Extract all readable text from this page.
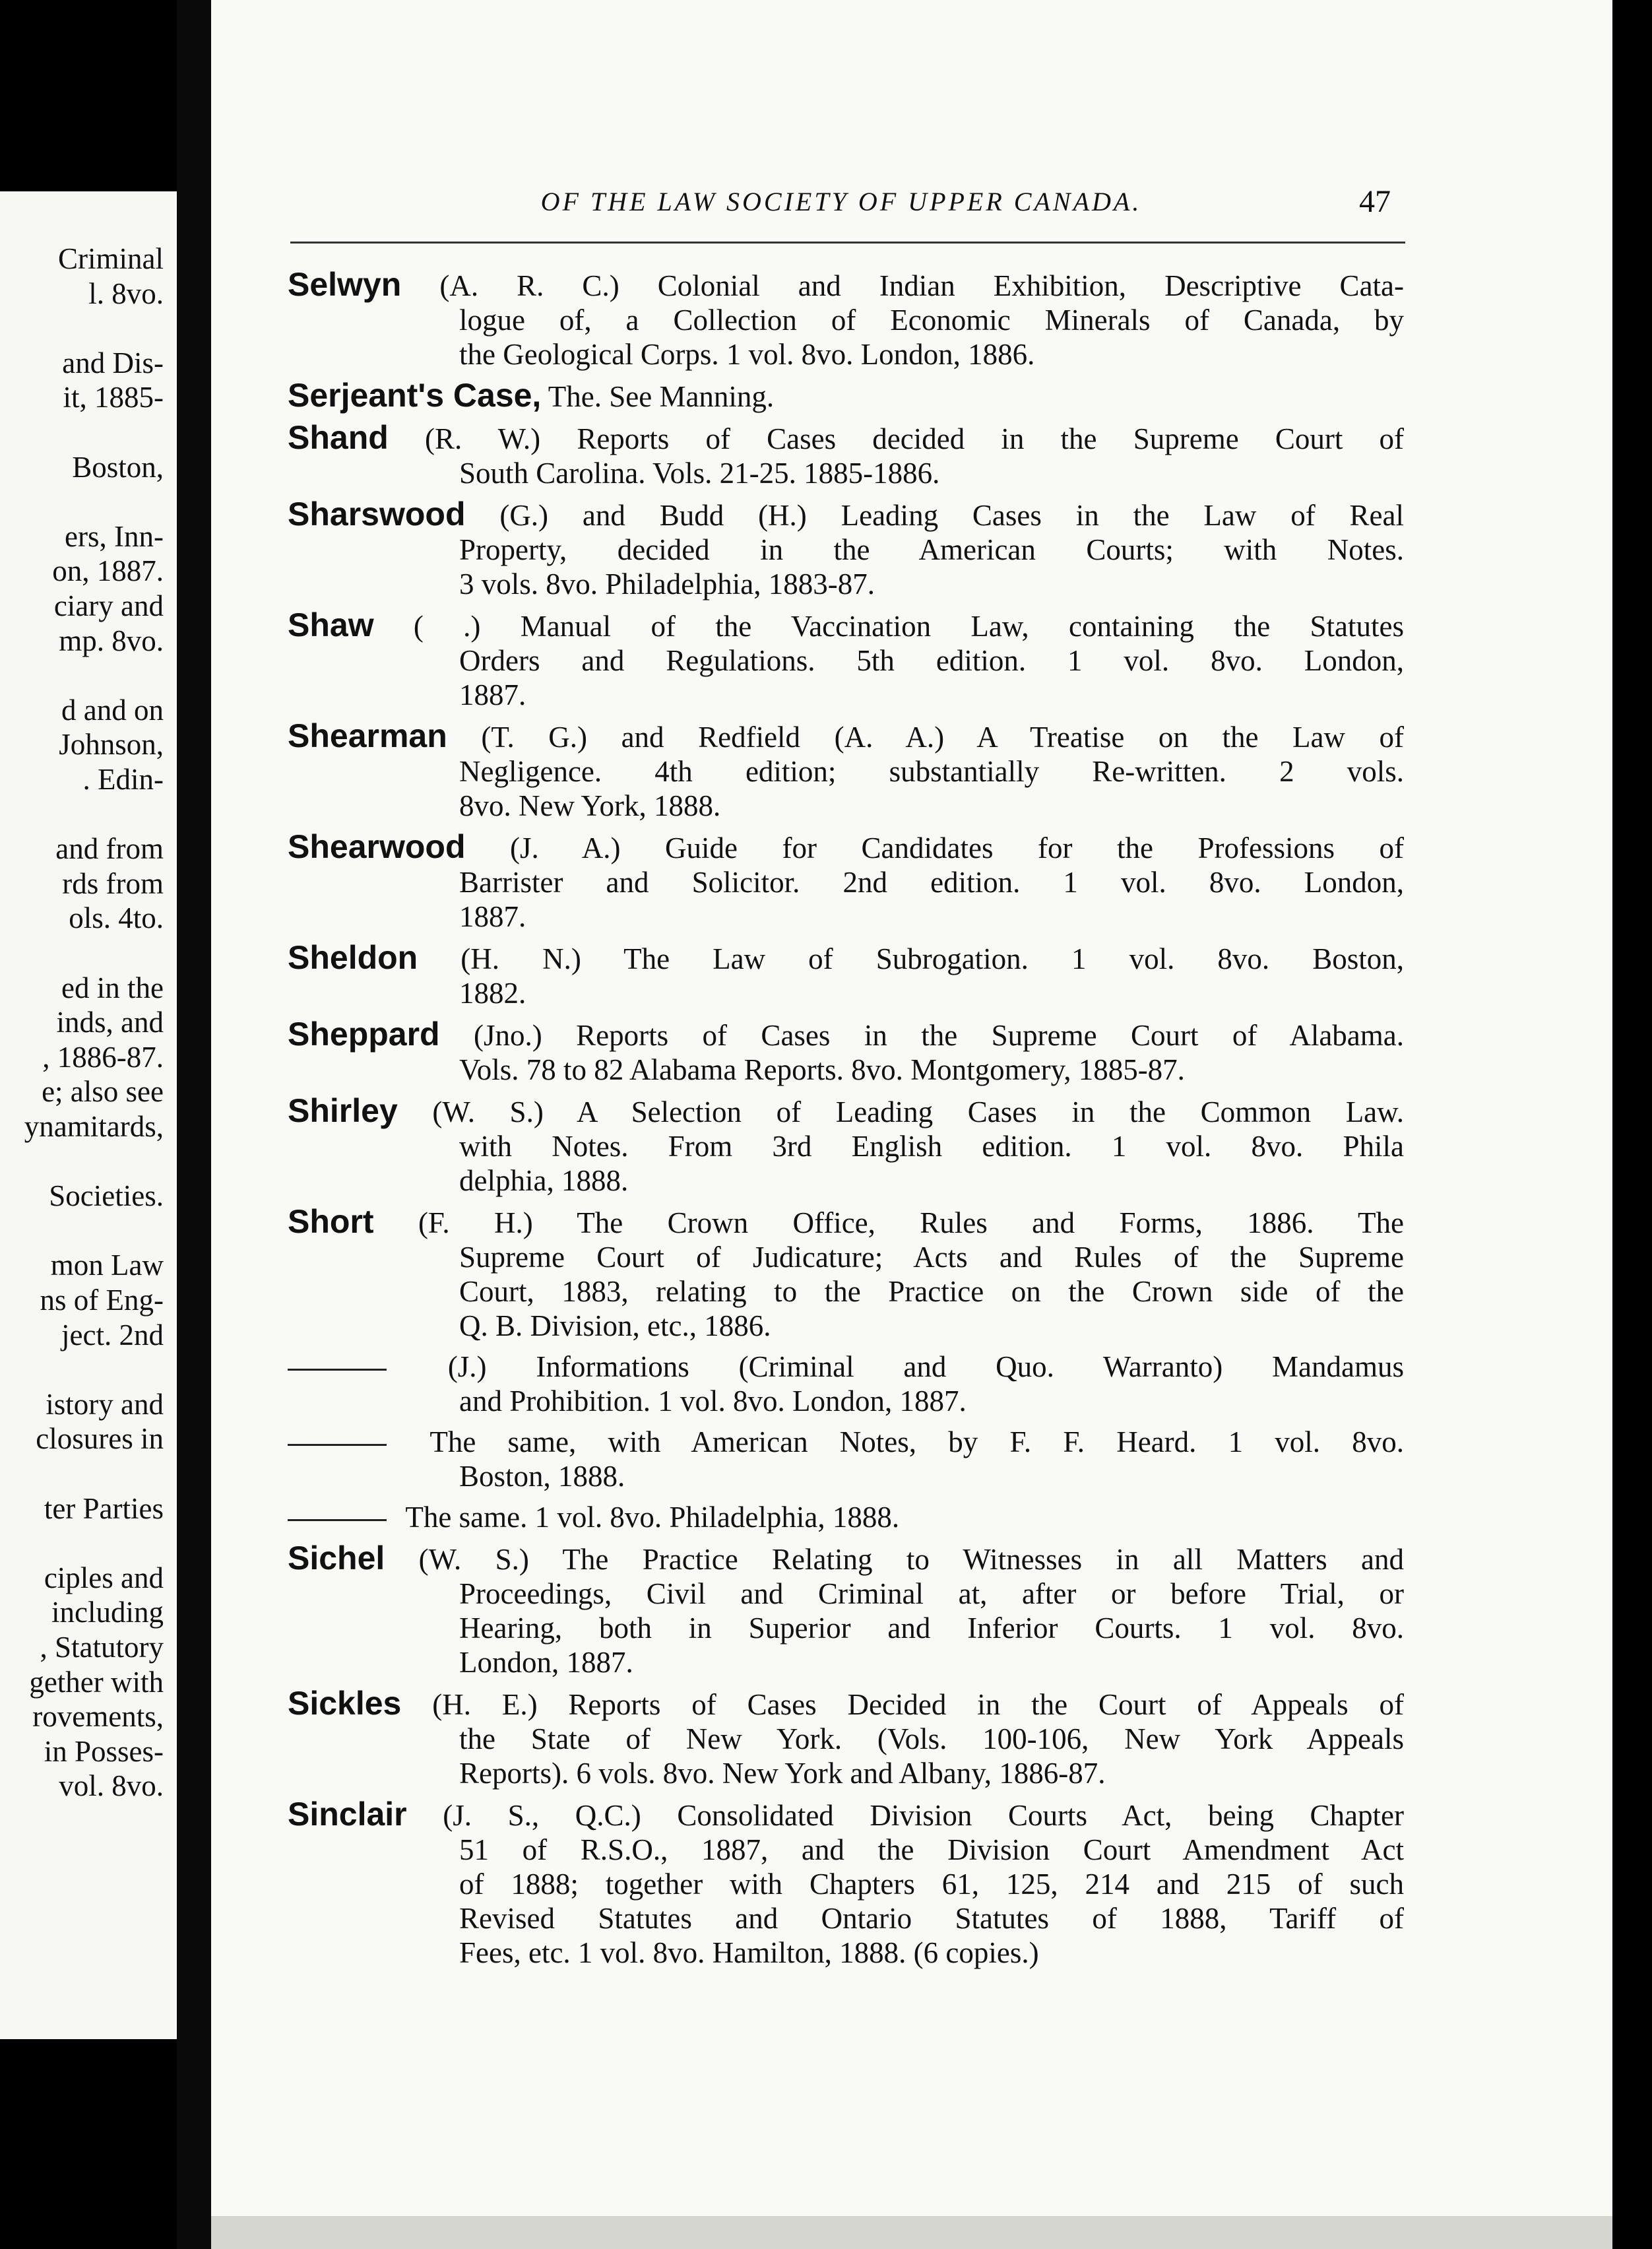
Criminal
l. 8vo.
and Dis-
it, 1885-
Boston,
ers, Inn-
on, 1887.
ciary and
mp. 8vo.
d and on
Johnson,
. Edin-
and from
rds from
ols. 4to.
ed in the
inds, and
, 1886-87.
e; also see
ynamitards,
Societies.
mon Law
ns of Eng-
ject. 2nd
istory and
closures in
ter Parties
ciples and
including
, Statutory
gether with
rovements,
in Posses-
vol. 8vo.
OF THE LAW SOCIETY OF UPPER CANADA.	47
Selwyn (A. R. C.) Colonial and Indian Exhibition, Descriptive Cata-
logue of, a Collection of Economic Minerals of Canada, by
the Geological Corps. 1 vol. 8vo. London, 1886.
Serjeant's Case, The. See Manning.
Shand (R. W.) Reports of Cases decided in the Supreme Court of
South Carolina. Vols. 21-25. 1885-1886.
Sharswood (G.) and Budd (H.) Leading Cases in the Law of Real
Property, decided in the American Courts; with Notes.
3 vols. 8vo. Philadelphia, 1883-87.
Shaw ( .) Manual of the Vaccination Law, containing the Statutes
Orders and Regulations. 5th edition. 1 vol. 8vo. London,
1887.
Shearman (T. G.) and Redfield (A. A.) A Treatise on the Law of
Negligence. 4th edition; substantially Re-written. 2 vols.
8vo. New York, 1888.
Shearwood (J. A.) Guide for Candidates for the Professions of
Barrister and Solicitor. 2nd edition. 1 vol. 8vo. London,
1887.
Sheldon (H. N.) The Law of Subrogation. 1 vol. 8vo. Boston,
1882.
Sheppard (Jno.) Reports of Cases in the Supreme Court of Alabama.
Vols. 78 to 82 Alabama Reports. 8vo. Montgomery, 1885-87.
Shirley (W. S.) A Selection of Leading Cases in the Common Law.
with Notes. From 3rd English edition. 1 vol. 8vo. Phila
delphia, 1888.
Short (F. H.) The Crown Office, Rules and Forms, 1886. The
Supreme Court of Judicature; Acts and Rules of the Supreme
Court, 1883, relating to the Practice on the Crown side of the
Q. B. Division, etc., 1886.
(J.) Informations (Criminal and Quo. Warranto) Mandamus
and Prohibition. 1 vol. 8vo. London, 1887.
The same, with American Notes, by F. F. Heard. 1 vol. 8vo.
Boston, 1888.
The same. 1 vol. 8vo. Philadelphia, 1888.
Sichel (W. S.) The Practice Relating to Witnesses in all Matters and
Proceedings, Civil and Criminal at, after or before Trial, or
Hearing, both in Superior and Inferior Courts. 1 vol. 8vo.
London, 1887.
Sickles (H. E.) Reports of Cases Decided in the Court of Appeals of
the State of New York. (Vols. 100-106, New York Appeals
Reports). 6 vols. 8vo. New York and Albany, 1886-87.
Sinclair (J. S., Q.C.) Consolidated Division Courts Act, being Chapter
51 of R.S.O., 1887, and the Division Court Amendment Act
of 1888; together with Chapters 61, 125, 214 and 215 of such
Revised Statutes and Ontario Statutes of 1888, Tariff of
Fees, etc. 1 vol. 8vo. Hamilton, 1888. (6 copies.)
